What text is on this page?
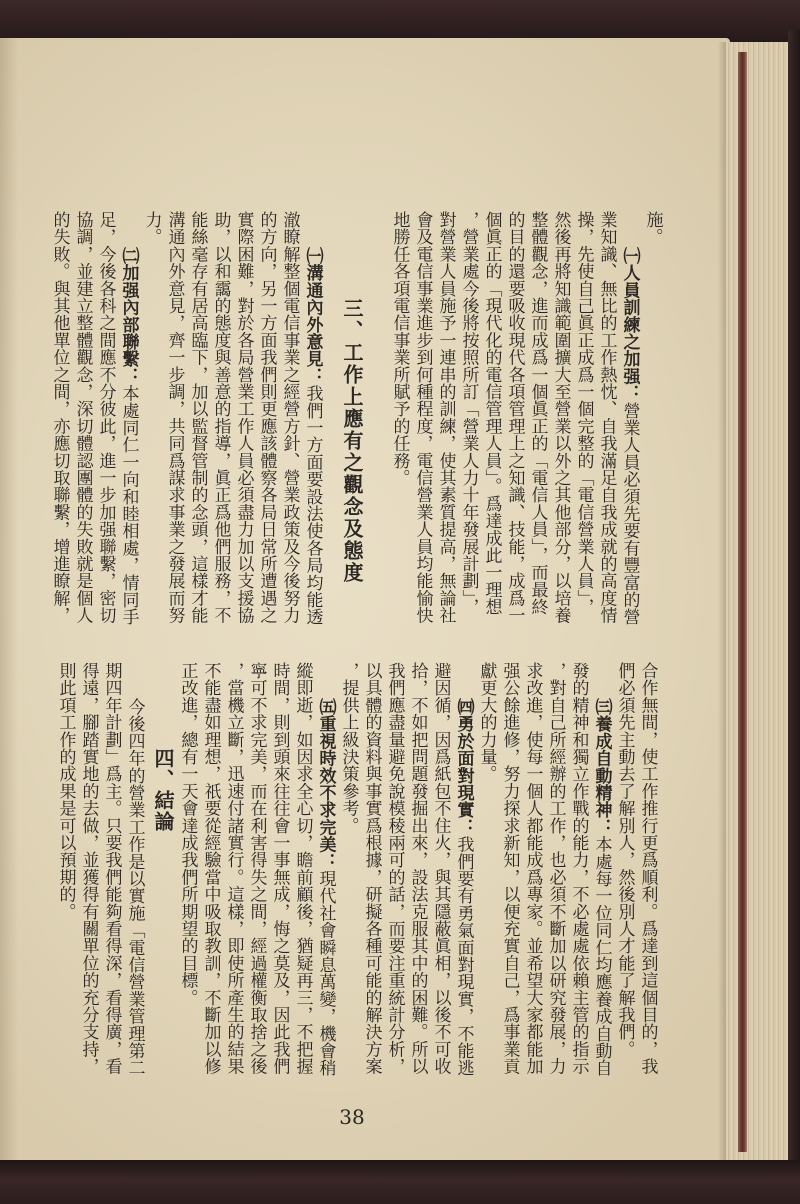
施。
㈠人員訓練之加强：營業人員必須先要有豐富的營
業知識、無比的工作熱忱、自我滿足自我成就的高度情
操，先使自己眞正成爲一個完整的「電信營業人員」，
然後再將知識範圍擴大至營業以外之其他部分，以培養
整體觀念，進而成爲一個眞正的「電信人員」，而最終
的目的還要吸收現代各項管理上之知識、技能，成爲一
個眞正的「現代化的電信管理人員」。爲達成此一理想
，營業處今後將按照所訂「營業人力十年發展計劃」，
對營業人員施予一連串的訓練，使其素質提高，無論社
會及電信事業進步到何種程度，電信營業人員均能愉快
地勝任各項電信事業所賦予的任務。
三、工作上應有之觀念及態度
㈠溝通內外意見：我們一方面要設法使各局均能透
澈瞭解整個電信事業之經營方針、營業政策及今後努力
的方向，另一方面我們則更應該體察各局日常所遭遇之
實際困難，對於各局營業工作人員必須盡力加以支援協
助，以和靄的態度與善意的指導，眞正爲他們服務，不
能絲毫存有居高臨下，加以監督管制的念頭，這樣才能
溝通內外意見，齊一步調，共同爲謀求事業之發展而努
力。
㈡加强內部聯繫：本處同仁一向和睦相處，情同手
足，今後各科之間應不分彼此，進一步加强聯繫，密切
協調，並建立整體觀念，深切體認團體的失敗就是個人
的失敗。與其他單位之間，亦應切取聯繫，增進瞭解，
合作無間，使工作推行更爲順利。爲達到這個目的，我
們必須先主動去了解別人，然後別人才能了解我們。
㈢養成自動精神：本處每一位同仁均應養成自動自
發的精神和獨立作戰的能力，不必處處依賴主管的指示
，對自己所經辦的工作，也必須不斷加以研究發展，力
求改進，使每一個人都能成爲專家。並希望大家都能加
强公餘進修，努力探求新知，以便充實自己，爲事業貢
獻更大的力量。
㈣勇於面對現實：我們要有勇氣面對現實，不能逃
避因循，因爲紙包不住火，與其隱蔽眞相，以後不可收
拾，不如把問題發掘出來，設法克服其中的困難。所以
我們應盡量避免說模稜兩可的話，而要注重統計分析，
以具體的資料與事實爲根據，研擬各種可能的解決方案
，提供上級決策參考。
㈤重視時效不求完美：現代社會瞬息萬變，機會稍
縱即逝，如因求全心切，瞻前顧後，猶疑再三，不把握
時間，則到頭來往往會一事無成，悔之莫及，因此我們
寧可不求完美，而在利害得失之間，經過權衡取捨之後
，當機立斷，迅速付諸實行。這樣，即使所產生的結果
不能盡如理想，祇要從經驗當中吸取教訓，不斷加以修
正改進，總有一天會達成我們所期望的目標。
四、結論
今後四年的營業工作是以實施「電信營業管理第二
期四年計劃」爲主。只要我們能夠看得深，看得廣，看
得遠，腳踏實地的去做，並獲得有關單位的充分支持，
則此項工作的成果是可以預期的。
38
